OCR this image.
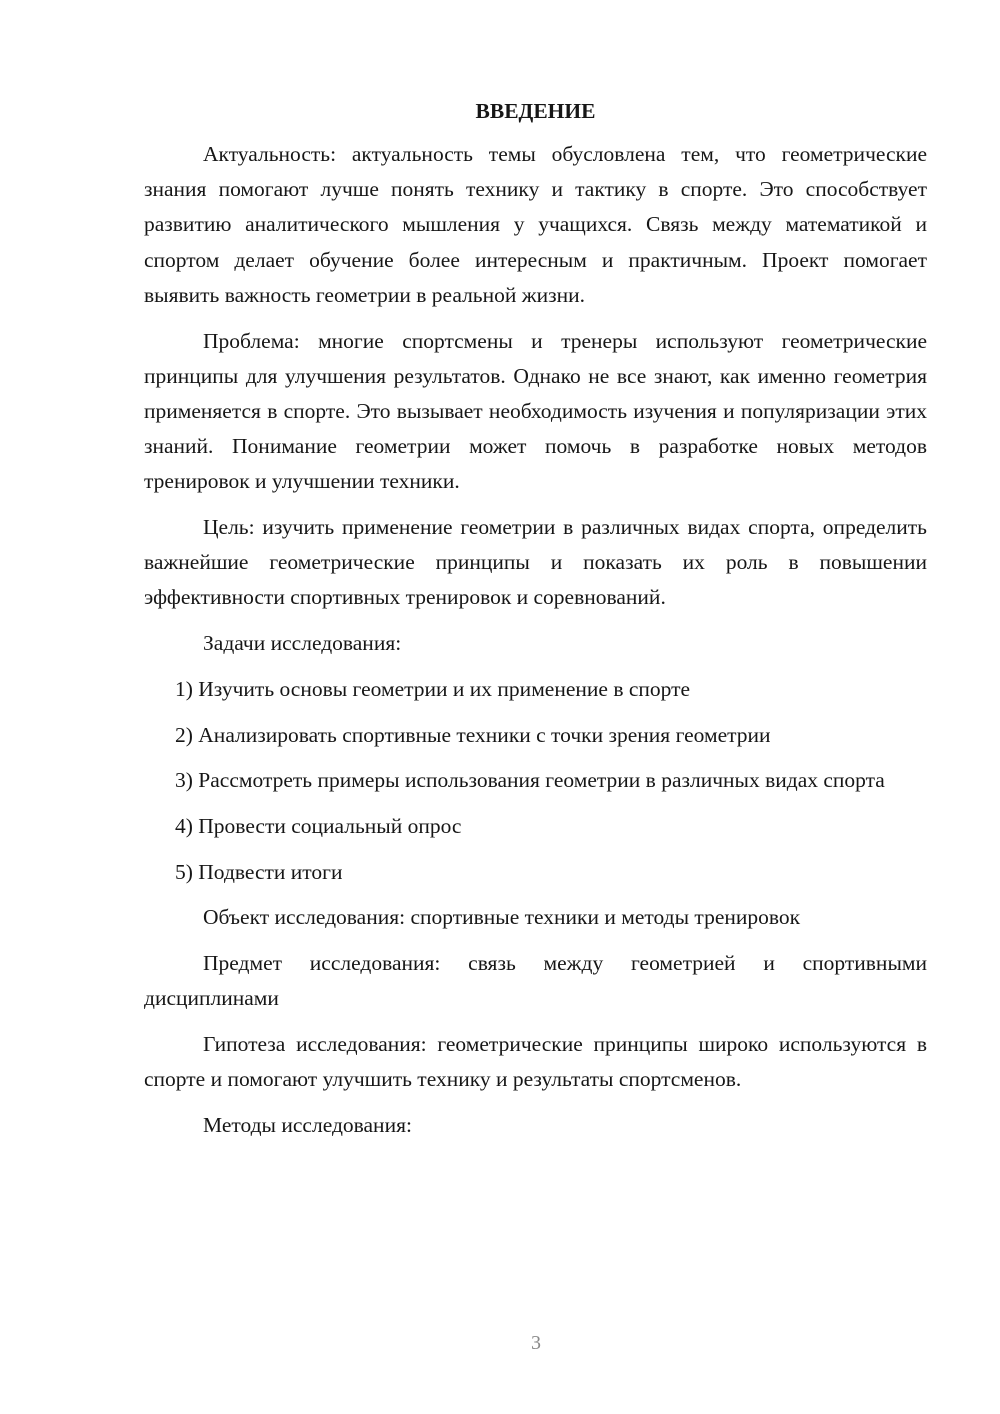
ВВЕДЕНИЕ

Актуальность: актуальность темы обусловлена тем, что геометрические знания помогают лучше понять технику и тактику в спорте. Это способствует развитию аналитического мышления у учащихся. Связь между математикой и спортом делает обучение более интересным и практичным. Проект помогает выявить важность геометрии в реальной жизни.

Проблема: многие спортсмены и тренеры используют геометрические принципы для улучшения результатов. Однако не все знают, как именно геометрия применяется в спорте. Это вызывает необходимость изучения и популяризации этих знаний. Понимание геометрии может помочь в разработке новых методов тренировок и улучшении техники.

Цель: изучить применение геометрии в различных видах спорта, определить важнейшие геометрические принципы и показать их роль в повышении эффективности спортивных тренировок и соревнований.

Задачи исследования:

1) Изучить основы геометрии и их применение в спорте

2) Анализировать спортивные техники с точки зрения геометрии

3) Рассмотреть примеры использования геометрии в различных видах спорта

4) Провести социальный опрос

5) Подвести итоги

Объект исследования: спортивные техники и методы тренировок

Предмет исследования: связь между геометрией и спортивными дисциплинами

Гипотеза исследования: геометрические принципы широко используются в спорте и помогают улучшить технику и результаты спортсменов.

Методы исследования:

3
